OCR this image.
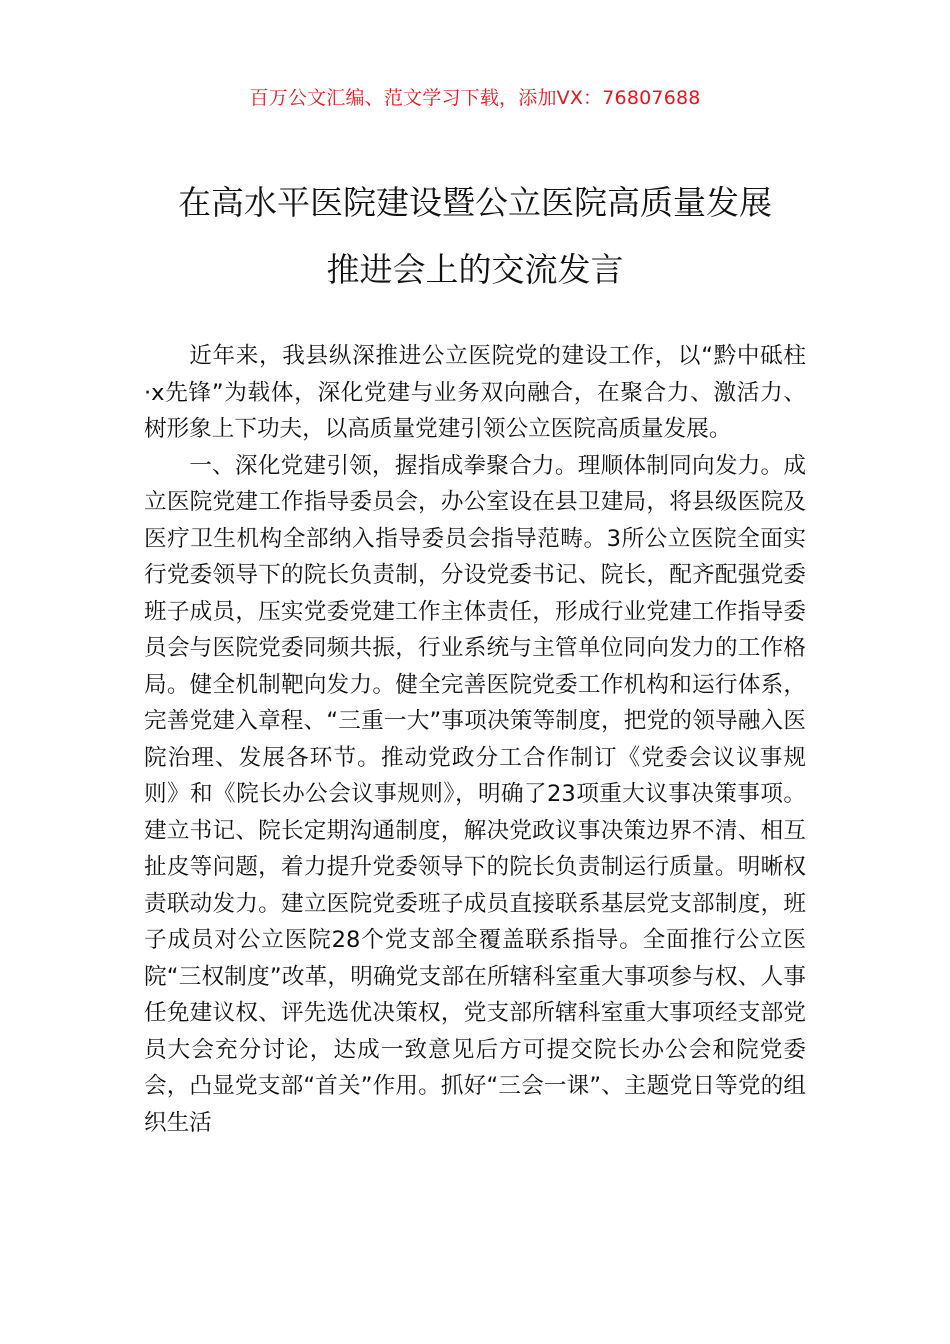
百万公文汇编、范文学习下载，添加VX：76807688
在高水平医院建设暨公立医院高质量发展
推进会上的交流发言

近年来，我县纵深推进公立医院党的建设工作，以“黔中砥柱·x先锋”为载体，深化党建与业务双向融合，在聚合力、激活力、树形象上下功夫，以高质量党建引领公立医院高质量发展。

一、深化党建引领，握指成拳聚合力。理顺体制同向发力。成立医院党建工作指导委员会，办公室设在县卫建局，将县级医院及医疗卫生机构全部纳入指导委员会指导范畴。3所公立医院全面实行党委领导下的院长负责制，分设党委书记、院长，配齐配强党委班子成员，压实党委党建工作主体责任，形成行业党建工作指导委员会与医院党委同频共振，行业系统与主管单位同向发力的工作格局。健全机制靶向发力。健全完善医院党委工作机构和运行体系，完善党建入章程、“三重一大”事项决策等制度，把党的领导融入医院治理、发展各环节。推动党政分工合作制订《党委会议议事规则》和《院长办公会议事规则》，明确了23项重大议事决策事项。建立书记、院长定期沟通制度，解决党政议事决策边界不清、相互扯皮等问题，着力提升党委领导下的院长负责制运行质量。明晰权责联动发力。建立医院党委班子成员直接联系基层党支部制度，班子成员对公立医院28个党支部全覆盖联系指导。全面推行公立医院“三权制度”改革，明确党支部在所辖科室重大事项参与权、人事任免建议权、评先选优决策权，党支部所辖科室重大事项经支部党员大会充分讨论，达成一致意见后方可提交院长办公会和院党委会，凸显党支部“首关”作用。抓好“三会一课”、主题党日等党的组织生活
